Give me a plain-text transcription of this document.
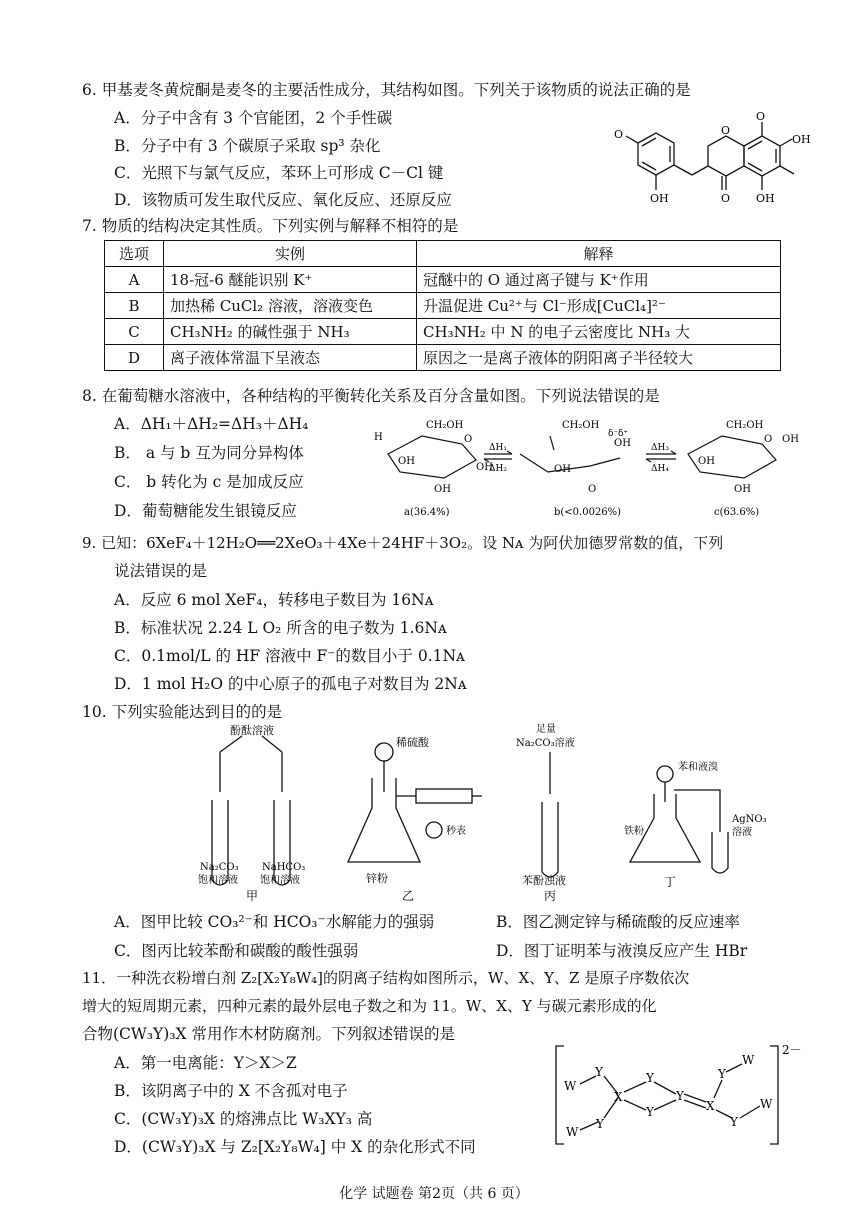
6. 甲基麦冬黄烷酮是麦冬的主要活性成分，其结构如图。下列关于该物质的说法正确的是
A．分子中含有 3 个官能团，2 个手性碳
B．分子中有 3 个碳原子采取 sp³ 杂化
C．光照下与氯气反应，苯环上可形成 C－Cl 键
D．该物质可发生取代反应、氧化反应、还原反应
O	O
OH
OH
O
O
OH
7. 物质的结构决定其性质。下列实例与解释不相符的是
选项	实例	解释
A	18-冠-6 醚能识别 K⁺	冠醚中的 O 通过离子键与 K⁺作用
B	加热稀 CuCl₂ 溶液，溶液变色	升温促进 Cu²⁺与 Cl⁻形成[CuCl₄]²⁻
C	CH₃NH₂ 的碱性强于 NH₃	CH₃NH₂ 中 N 的电子云密度比 NH₃ 大
D	离子液体常温下呈液态	原因之一是离子液体的阴阳离子半径较大
8. 在葡萄糖水溶液中，各种结构的平衡转化关系及百分含量如图。下列说法错误的是
A．ΔH₁＋ΔH₂=ΔH₃＋ΔH₄
B． a 与 b 互为同分异构体
C． b 转化为 c 是加成反应
D．葡萄糖能发生银镜反应
CH₂OH
O
H
OH
OH
OH
CH₂OH
δ⁻ δ⁺
OH
O
OH
CH₂OH
O OH
OH
OH
ΔH₁
ΔH₂
ΔH₃
ΔH₄
a(36.4%)	b(<0.0026%)	c(63.6%)
9. 已知：6XeF₄＋12H₂O══2XeO₃＋4Xe＋24HF＋3O₂。设 Nᴀ 为阿伏加德罗常数的值，下列
说法错误的是
A．反应 6 mol XeF₄，转移电子数目为 16Nᴀ
B．标准状况 2.24 L O₂ 所含的电子数为 1.6Nᴀ
C．0.1mol/L 的 HF 溶液中 F⁻的数目小于 0.1Nᴀ
D．1 mol H₂O 的中心原子的孤电子对数目为 2Nᴀ
10. 下列实验能达到目的的是
酚酞溶液
Na₂CO₃
饱和溶液
NaHCO₃
饱和溶液
甲
稀硫酸
秒表
锌粉
乙
足量
Na₂CO₃溶液
苯酚浊液
丙
苯和液溴
铁粉
AgNO₃
溶液
丁
A．图甲比较 CO₃²⁻和 HCO₃⁻水解能力的强弱	B．图乙测定锌与稀硫酸的反应速率
C．图丙比较苯酚和碳酸的酸性强弱	D．图丁证明苯与液溴反应产生 HBr
11．一种洗衣粉增白剂 Z₂[X₂Y₈W₄]的阴离子结构如图所示，W、X、Y、Z 是原子序数依次
增大的短周期元素，四种元素的最外层电子数之和为 11。W、X、Y 与碳元素形成的化
合物(CW₃Y)₃X 常用作木材防腐剂。下列叙述错误的是
A．第一电离能：Y＞X＞Z
B．该阴离子中的 X 不含孤对电子
C．(CW₃Y)₃X 的熔沸点比 W₃XY₃ 高
D．(CW₃Y)₃X 与 Z₂[X₂Y₈W₄] 中 X 的杂化形式不同
W
Y
X
Y
W
Y
Y
Y
X
Y
W
Y
W
2－
化学 试题卷 第2页（共 6 页）
